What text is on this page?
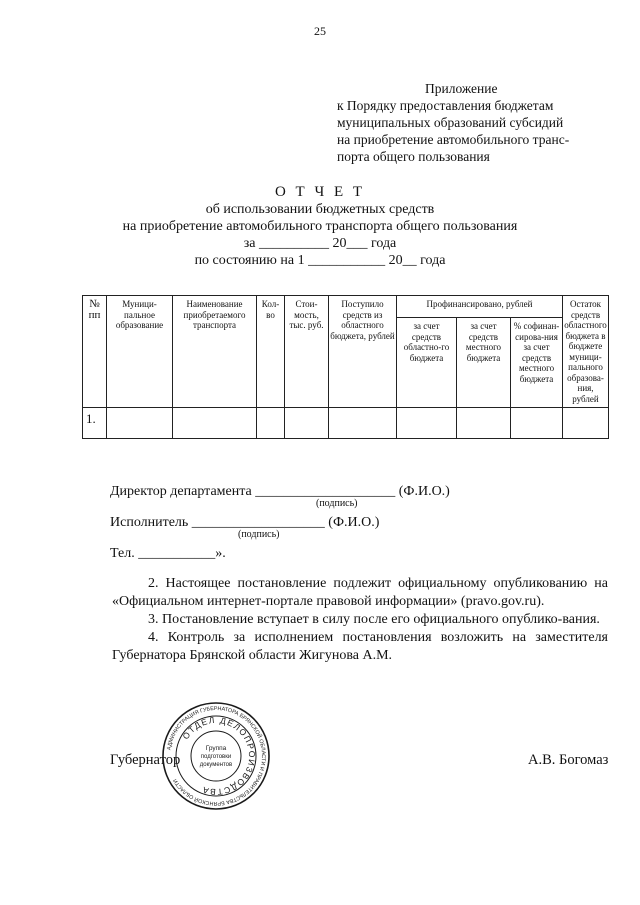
25
Приложение
к Порядку предоставления бюджетам
муниципальных образований субсидий
на приобретение автомобильного транс-
порта общего пользования
О Т Ч Е Т
об использовании бюджетных средств
на приобретение автомобильного транспорта общего пользования
за __________ 20___ года
по состоянию на 1 ___________ 20__ года
№ пп	Муници-пальное образование	Наименование приобретаемого транспорта	Кол-во	Стои-мость, тыс. руб.	Поступило средств из областного бюджета, рублей	Профинансировано, рублей			Остаток средств областного бюджета в бюджете муници-пального образова-ния, рублей
						за счет средств областно-го бюджета	за счет средств местного бюджета	% софинан-сирова-ния за счет средств местного бюджета	
1.									
Директор департамента ____________________ (Ф.И.О.)
(подпись)
Исполнитель ___________________ (Ф.И.О.)
(подпись)
Тел. ___________».
2. Настоящее постановление подлежит официальному опубликованию на «Официальном интернет-портале правовой информации» (pravo.gov.ru).
3. Постановление вступает в силу после его официального опублико-вания.
4. Контроль за исполнением постановления возложить на заместителя Губернатора Брянской области Жигунова А.М.
Губернатор
АДМИНИСТРАЦИЯ ГУБЕРНАТОРА БРЯНСКОЙ ОБЛАСТИ И ПРАВИТЕЛЬСТВА БРЯНСКОЙ ОБЛАСТИ
ОТДЕЛ ДЕЛОПРОИЗВОДСТВА
Группа
подготовки
документов	А.В. Богомаз
